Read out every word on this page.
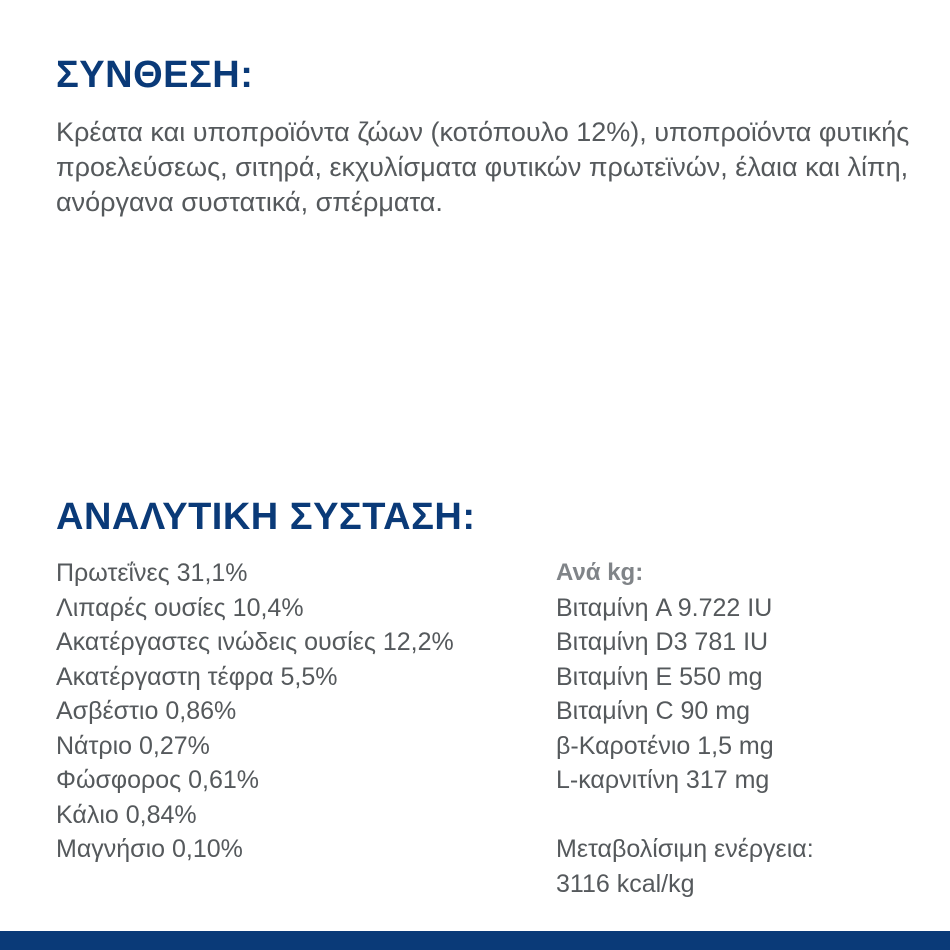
ΣΥΝΘΕΣΗ:

Κρέατα και υποπροϊόντα ζώων (κοτόπουλο 12%), υποπροϊόντα φυτικής προελεύσεως, σιτηρά, εκχυλίσματα φυτικών πρωτεϊνών, έλαια και λίπη, ανόργανα συστατικά, σπέρματα.

ΑΝΑΛΥΤΙΚΗ ΣΥΣΤΑΣΗ:
Πρωτεΐνες 31,1%
Λιπαρές ουσίες 10,4%
Ακατέργαστες ινώδεις ουσίες 12,2%
Ακατέργαστη τέφρα 5,5%
Ασβέστιο 0,86%
Νάτριο 0,27%
Φώσφορος 0,61%
Κάλιο 0,84%
Μαγνήσιο 0,10%
Ανά kg:
Βιταμίνη A 9.722 IU
Βιταμίνη D3 781 IU
Βιταμίνη E 550 mg
Βιταμίνη C 90 mg
β-Καροτένιο 1,5 mg
L-καρνιτίνη 317 mg
Μεταβολίσιμη ενέργεια:
3116 kcal/kg
